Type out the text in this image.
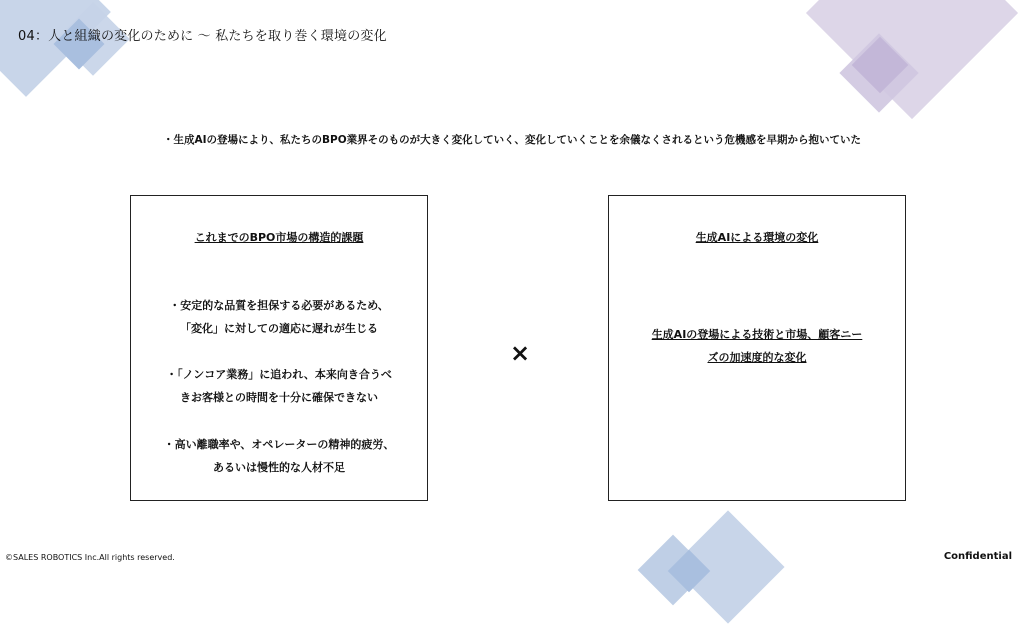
04：人と組織の変化のために ～ 私たちを取り巻く環境の変化
・生成AIの登場により、私たちのBPO業界そのものが大きく変化していく、変化していくことを余儀なくされるという危機感を早期から抱いていた
これまでのBPO市場の構造的課題
・安定的な品質を担保する必要があるため、
「変化」に対しての適応に遅れが生じる
・「ノンコア業務」に追われ、本来向き合うべ
きお客様との時間を十分に確保できない
・高い離職率や、オペレーターの精神的疲労、
あるいは慢性的な人材不足
×
生成AIによる環境の変化
生成AIの登場による技術と市場、顧客ニー
ズの加速度的な変化
©SALES ROBOTICS Inc.All rights reserved.	Confidential
